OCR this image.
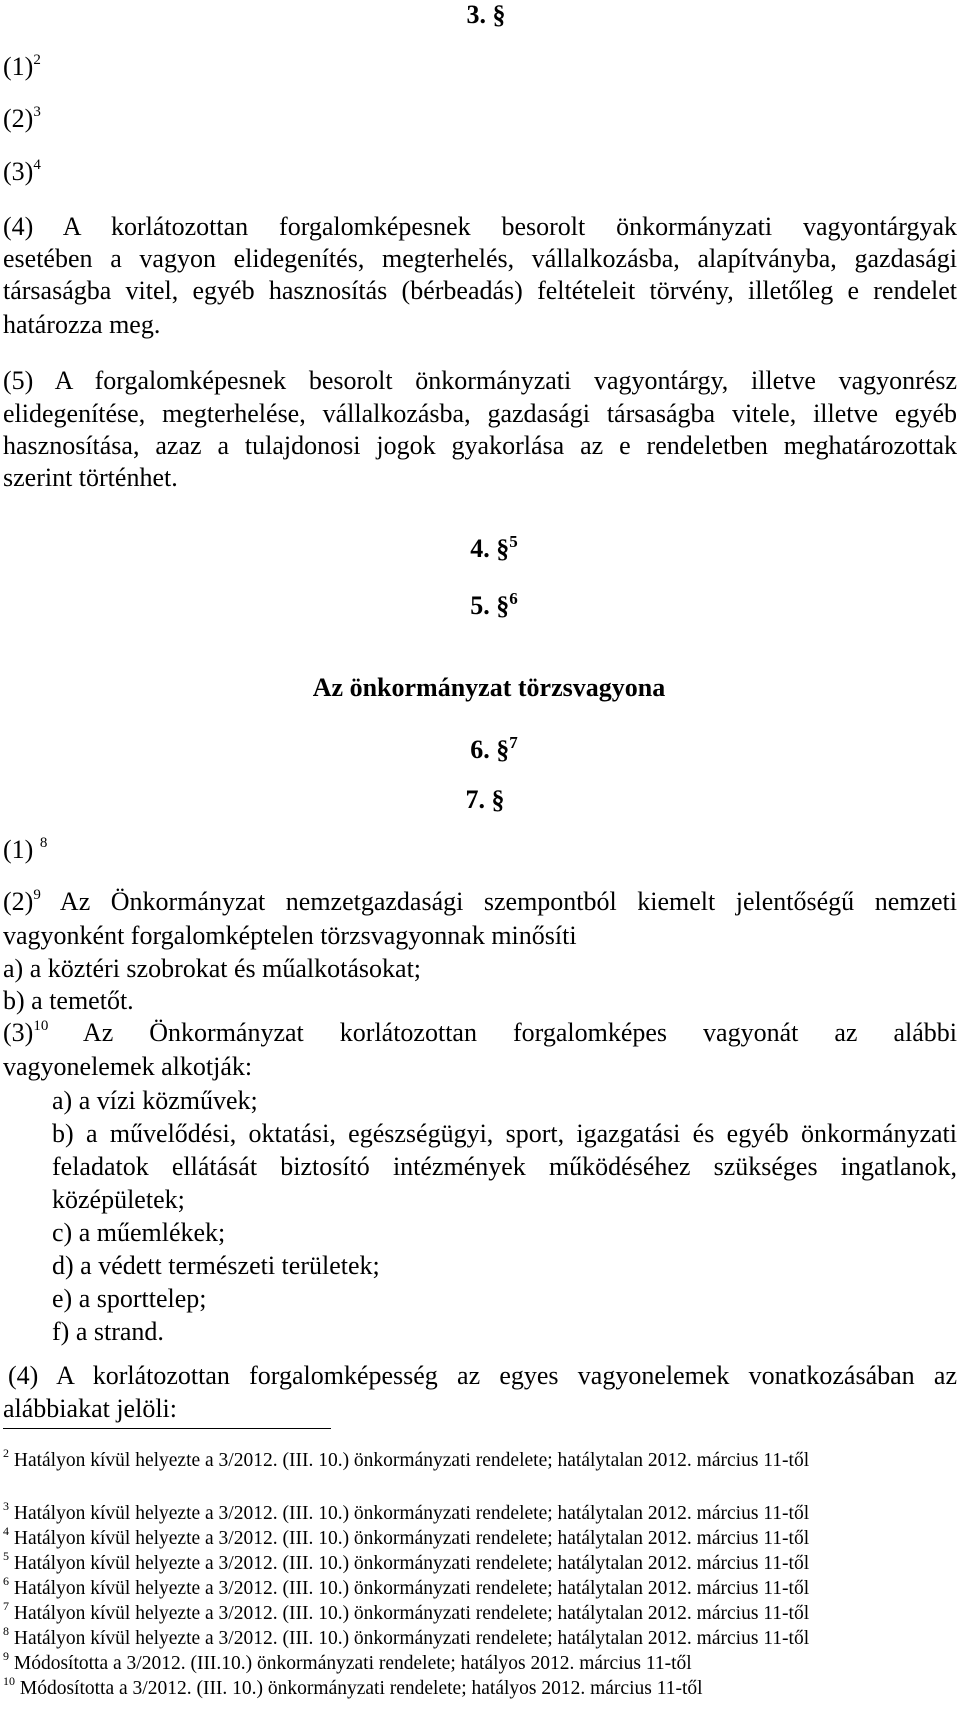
3. §
$(1)^2$
$(2)^3$
$(3)^4$
(4) A korlátozottan forgalomképesnek besorolt önkormányzati vagyontárgyak
esetében a vagyon elidegenítés, megterhelés, vállalkozásba, alapítványba, gazdasági
társaságba vitel, egyéb hasznosítás (bérbeadás) feltételeit törvény, illetőleg e rendelet
határozza meg.
(5) A forgalomképesnek besorolt önkormányzati vagyontárgy, illetve vagyonrész
elidegenítése, megterhelése, vállalkozásba, gazdasági társaságba vitele, illetve egyéb
hasznosítása, azaz a tulajdonosi jogok gyakorlása az e rendeletben meghatározottak
szerint történhet.
4. §$^5$
5. §$^6$
Az önkormányzat törzsvagyona
6. §$^7$
7. §
(1) $^8$
$(2)^9$ Az Önkormányzat nemzetgazdasági szempontból kiemelt jelentőségű nemzeti
vagyonként forgalomképtelen törzsvagyonnak minősíti
a) a köztéri szobrokat és műalkotásokat;
b) a temetőt.
$(3)^{10}$ Az Önkormányzat korlátozottan forgalomképes vagyonát az alábbi
vagyonelemek alkotják:
a) a vízi közművek;
b) a művelődési, oktatási, egészségügyi, sport, igazgatási és egyéb önkormányzati
feladatok ellátását biztosító intézmények működéséhez szükséges ingatlanok,
középületek;
c) a műemlékek;
d) a védett természeti területek;
e) a sporttelep;
f) a strand.
(4) A korlátozottan forgalomképesség az egyes vagyonelemek vonatkozásában az
alábbiakat jelöli:
$^2$ Hatályon kívül helyezte a 3/2012. (III. 10.) önkormányzati rendelete; hatálytalan 2012. március 11-től
$^3$ Hatályon kívül helyezte a 3/2012. (III. 10.) önkormányzati rendelete; hatálytalan 2012. március 11-től
$^4$ Hatályon kívül helyezte a 3/2012. (III. 10.) önkormányzati rendelete; hatálytalan 2012. március 11-től
$^5$ Hatályon kívül helyezte a 3/2012. (III. 10.) önkormányzati rendelete; hatálytalan 2012. március 11-től
$^6$ Hatályon kívül helyezte a 3/2012. (III. 10.) önkormányzati rendelete; hatálytalan 2012. március 11-től
$^7$ Hatályon kívül helyezte a 3/2012. (III. 10.) önkormányzati rendelete; hatálytalan 2012. március 11-től
$^8$ Hatályon kívül helyezte a 3/2012. (III. 10.) önkormányzati rendelete; hatálytalan 2012. március 11-től
$^9$ Módosította a 3/2012. (III.10.) önkormányzati rendelete; hatályos 2012. március 11-től
$^{10}$ Módosította a 3/2012. (III. 10.) önkormányzati rendelete; hatályos 2012. március 11-től
